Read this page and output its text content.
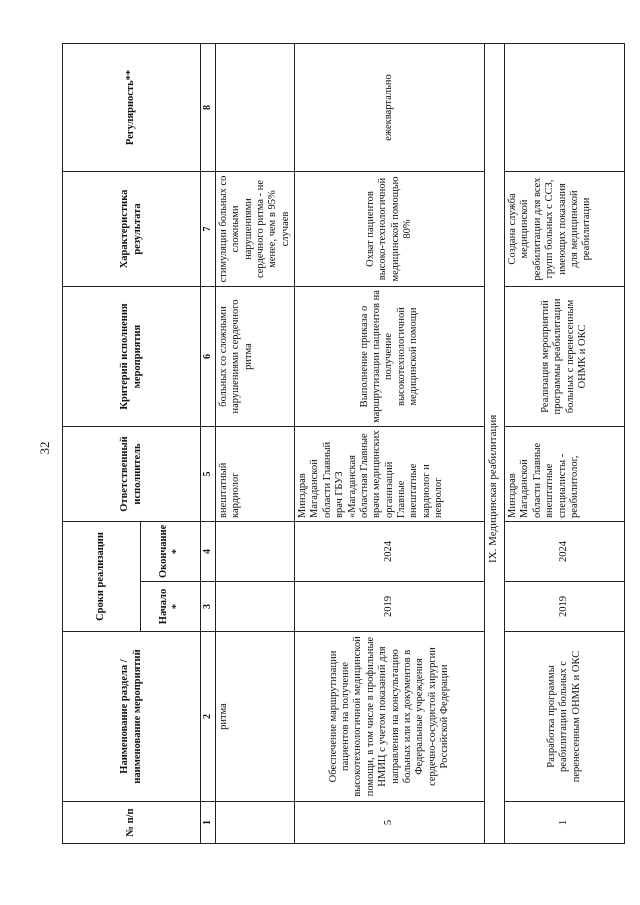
32
№ п/п	Наименование раздела /наименование мероприятий	Сроки реализации		Ответственный исполнитель	Критерий исполнения мероприятия	Характеристика результата	Регулярность**
		Начало *	Окончание *				
1	2	3	4	5	6	7	8
	ритма			внештатный кардиолог	больных со сложными нарушениями сердечного ритма	стимуляции больных со сложными нарушениями сердечного ритма - не менее, чем в 95% случаев	
5	Обеспечение маршрутизации пациентов на получение высокотехнологичной медицинской помощи, в том числе в профильные НМИЦ с учетом показаний для направления на консультацию больных или их документов в Федеральные учреждения сердечно-сосудистой хирургии Российской Федерации	2019	2024	Минздрав Магаданской области Главный врач ГБУЗ «Магаданская областная Главные врачи медицинских организаций Главные внештатные кардиолог и невролог	Выполнение приказа о маршрутизации пациентов на получение высокотехнологичной медицинской помощи	Охват пациентов высоко-технологичной медицинской помощью 80%	ежеквартально
IX. Медицинская реабилитация							
1	Разработка программы реабилитации больных с перенесенным ОНМК и ОКС	2019	2024	Минздрав Магаданской области Главные внештатные специалисты - реабилитолог,	Реализация мероприятий программы реабилитации больных с перенесенным ОНМК и ОКС	Создана служба медицинской реабилитации для всех групп больных с ССЗ, имеющих показания для медицинской реабилитации	
